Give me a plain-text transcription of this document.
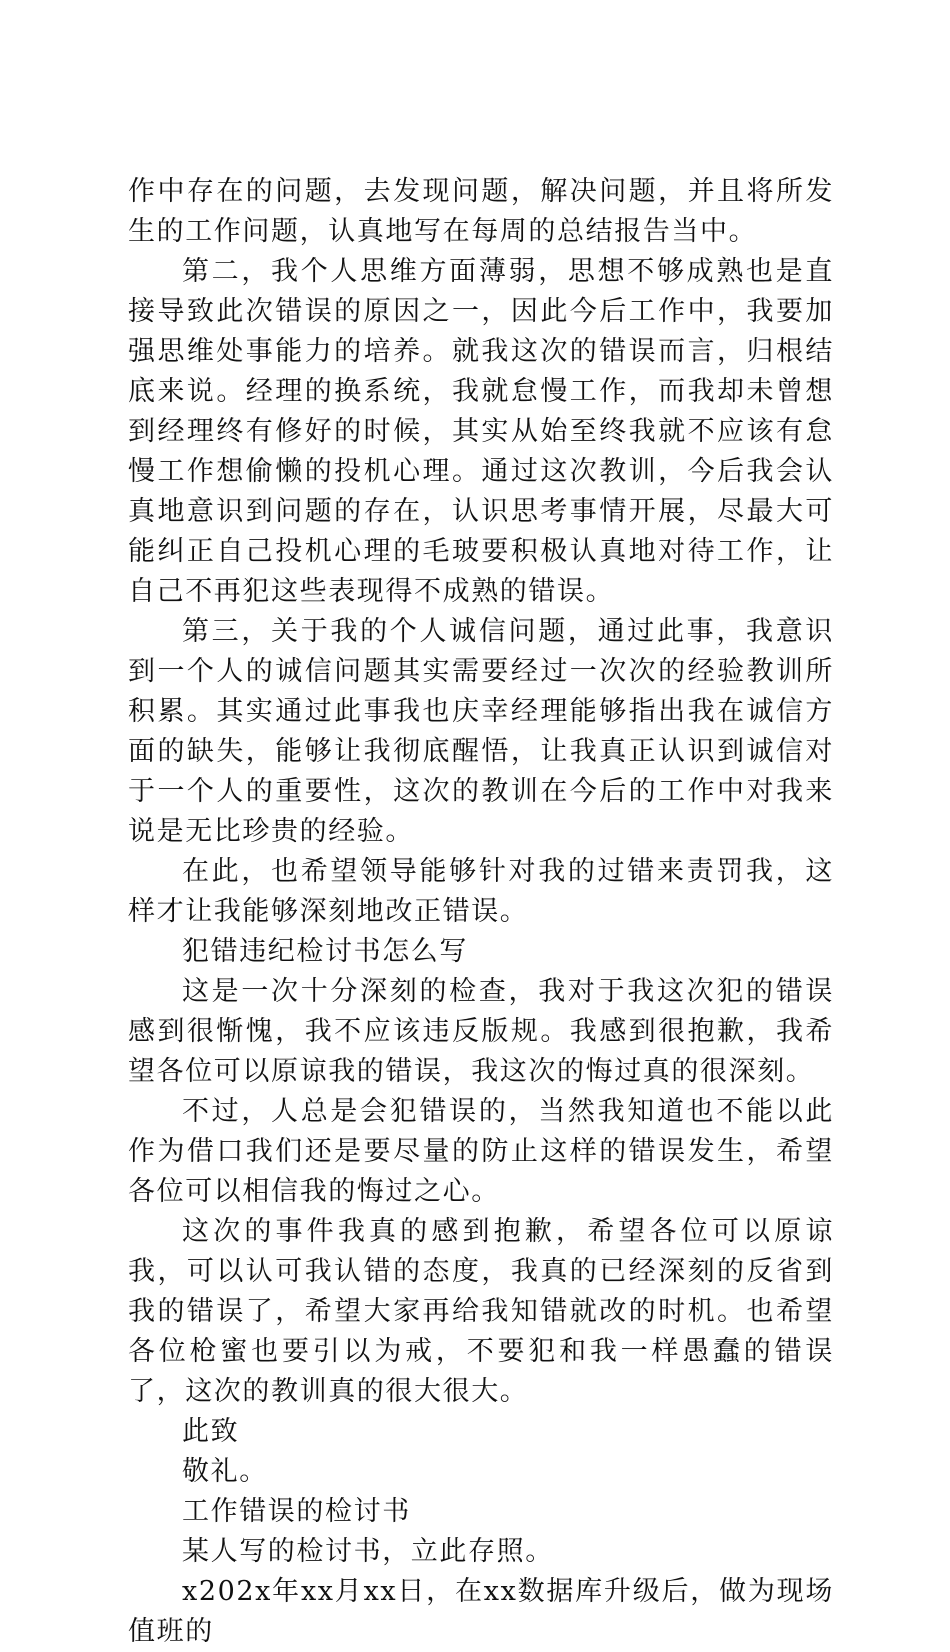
作中存在的问题，去发现问题，解决问题，并且将所发生的工作问题，认真地写在每周的总结报告当中。

第二，我个人思维方面薄弱，思想不够成熟也是直接导致此次错误的原因之一，因此今后工作中，我要加强思维处事能力的培养。就我这次的错误而言，归根结底来说。经理的换系统，我就怠慢工作，而我却未曾想到经理终有修好的时候，其实从始至终我就不应该有怠慢工作想偷懒的投机心理。通过这次教训，今后我会认真地意识到问题的存在，认识思考事情开展，尽最大可能纠正自己投机心理的毛玻要积极认真地对待工作，让自己不再犯这些表现得不成熟的错误。

第三，关于我的个人诚信问题，通过此事，我意识到一个人的诚信问题其实需要经过一次次的经验教训所积累。其实通过此事我也庆幸经理能够指出我在诚信方面的缺失，能够让我彻底醒悟，让我真正认识到诚信对于一个人的重要性，这次的教训在今后的工作中对我来说是无比珍贵的经验。

在此，也希望领导能够针对我的过错来责罚我，这样才让我能够深刻地改正错误。

犯错违纪检讨书怎么写

这是一次十分深刻的检查，我对于我这次犯的错误感到很惭愧，我不应该违反版规。我感到很抱歉，我希望各位可以原谅我的错误，我这次的悔过真的很深刻。

不过，人总是会犯错误的，当然我知道也不能以此作为借口我们还是要尽量的防止这样的错误发生，希望各位可以相信我的悔过之心。

这次的事件我真的感到抱歉，希望各位可以原谅我，可以认可我认错的态度，我真的已经深刻的反省到我的错误了，希望大家再给我知错就改的时机。也希望各位枪蜜也要引以为戒，不要犯和我一样愚蠢的错误了，这次的教训真的很大很大。

此致

敬礼。

工作错误的检讨书

某人写的检讨书，立此存照。

x202x年xx月xx日，在xx数据库升级后，做为现场值班的
